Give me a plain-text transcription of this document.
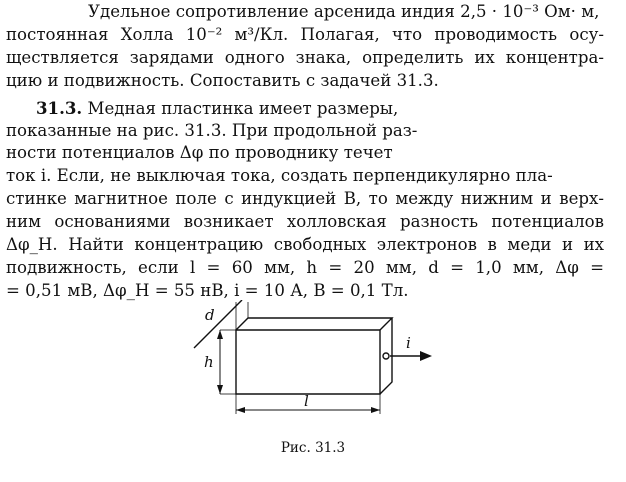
Удельное сопротивление арсенида индия 2,5 · 10⁻³ Ом· м,
постоянная Холла 10⁻² м³/Кл. Полагая, что проводимость осу-
ществляется зарядами одного знака, определить их концентра-
цию и подвижность. Сопоставить с задачей 31.3.
31.3. Медная пластинка имеет размеры,
показанные на рис. 31.3. При продольной раз-
ности потенциалов Δφ по проводнику течет
ток i. Если, не выключая тока, создать перпендикулярно пла-
стинке магнитное поле с индукцией B, то между нижним и верх-
ним основаниями возникает холловская разность потенциалов
Δφ_H. Найти концентрацию свободных электронов в меди и их
подвижность, если l = 60 мм, h = 20 мм, d = 1,0 мм, Δφ =
= 0,51 мВ, Δφ_H = 55 нВ, i = 10 А, B = 0,1 Тл.
d
h
l
i
Рис. 31.3
